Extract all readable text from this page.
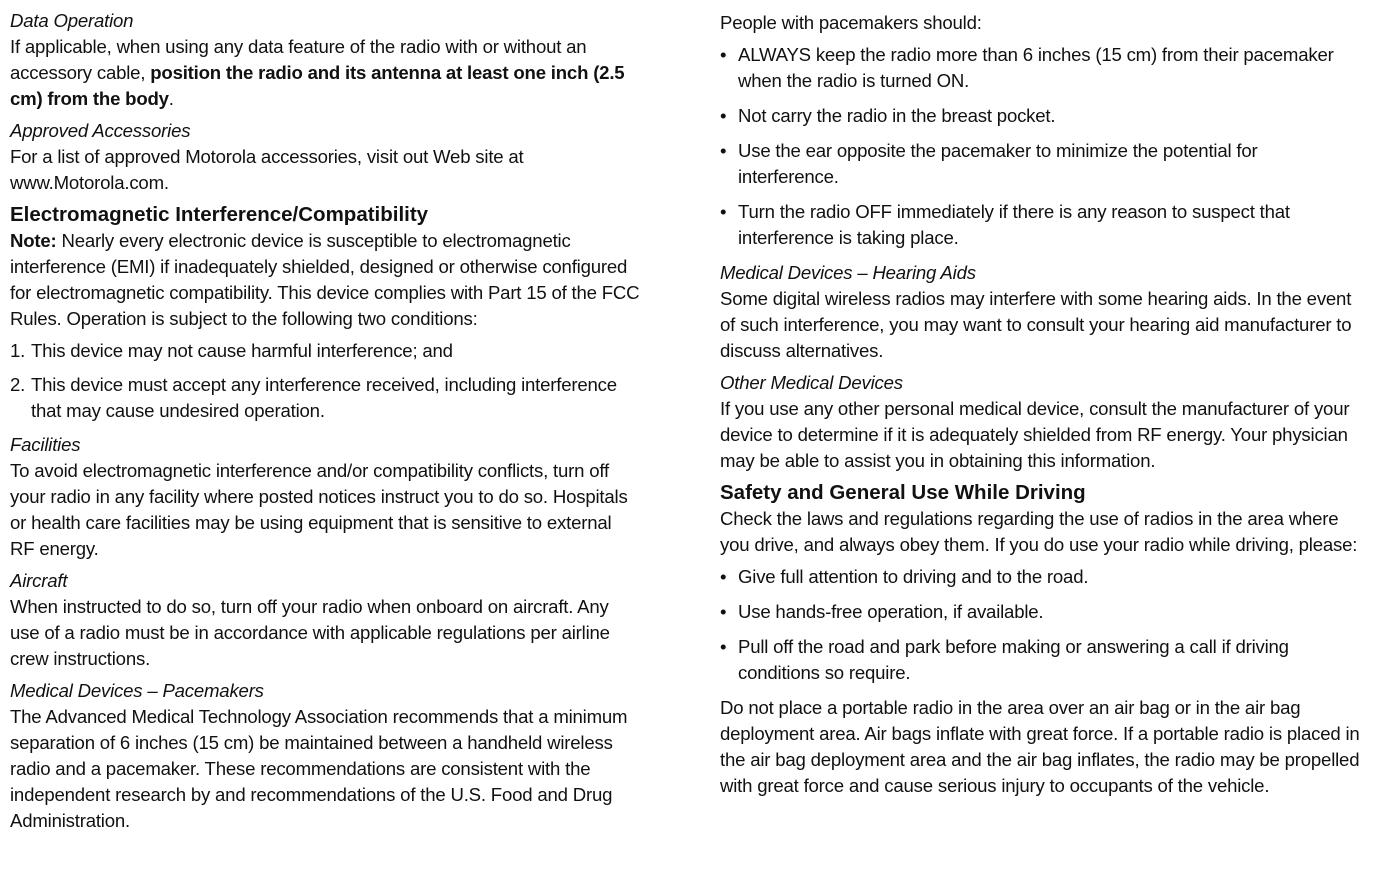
Data Operation

If applicable, when using any data feature of the radio with or without an accessory cable, position the radio and its antenna at least one inch (2.5 cm) from the body.

Approved Accessories

For a list of approved Motorola accessories, visit out Web site at www.Motorola.com.

Electromagnetic Interference/Compatibility

Note: Nearly every electronic device is susceptible to electromagnetic interference (EMI) if inadequately shielded, designed or otherwise configured for electromagnetic compatibility. This device complies with Part 15 of the FCC Rules. Operation is subject to the following two conditions:

1. This device may not cause harmful interference; and
2. This device must accept any interference received, including interference that may cause undesired operation.

Facilities

To avoid electromagnetic interference and/or compatibility conflicts, turn off your radio in any facility where posted notices instruct you to do so. Hospitals or health care facilities may be using equipment that is sensitive to external RF energy.

Aircraft

When instructed to do so, turn off your radio when onboard on aircraft. Any use of a radio must be in accordance with applicable regulations per airline crew instructions.

Medical Devices – Pacemakers

The Advanced Medical Technology Association recommends that a minimum separation of 6 inches (15 cm) be maintained between a handheld wireless radio and a pacemaker. These recommendations are consistent with the independent research by and recommendations of the U.S. Food and Drug Administration.

People with pacemakers should:

• ALWAYS keep the radio more than 6 inches (15 cm) from their pacemaker when the radio is turned ON.
• Not carry the radio in the breast pocket.
• Use the ear opposite the pacemaker to minimize the potential for interference.
• Turn the radio OFF immediately if there is any reason to suspect that interference is taking place.

Medical Devices – Hearing Aids

Some digital wireless radios may interfere with some hearing aids. In the event of such interference, you may want to consult your hearing aid manufacturer to discuss alternatives.

Other Medical Devices

If you use any other personal medical device, consult the manufacturer of your device to determine if it is adequately shielded from RF energy. Your physician may be able to assist you in obtaining this information.

Safety and General Use While Driving

Check the laws and regulations regarding the use of radios in the area where you drive, and always obey them. If you do use your radio while driving, please:

• Give full attention to driving and to the road.
• Use hands-free operation, if available.
• Pull off the road and park before making or answering a call if driving conditions so require.

Do not place a portable radio in the area over an air bag or in the air bag deployment area. Air bags inflate with great force. If a portable radio is placed in the air bag deployment area and the air bag inflates, the radio may be propelled with great force and cause serious injury to occupants of the vehicle.
